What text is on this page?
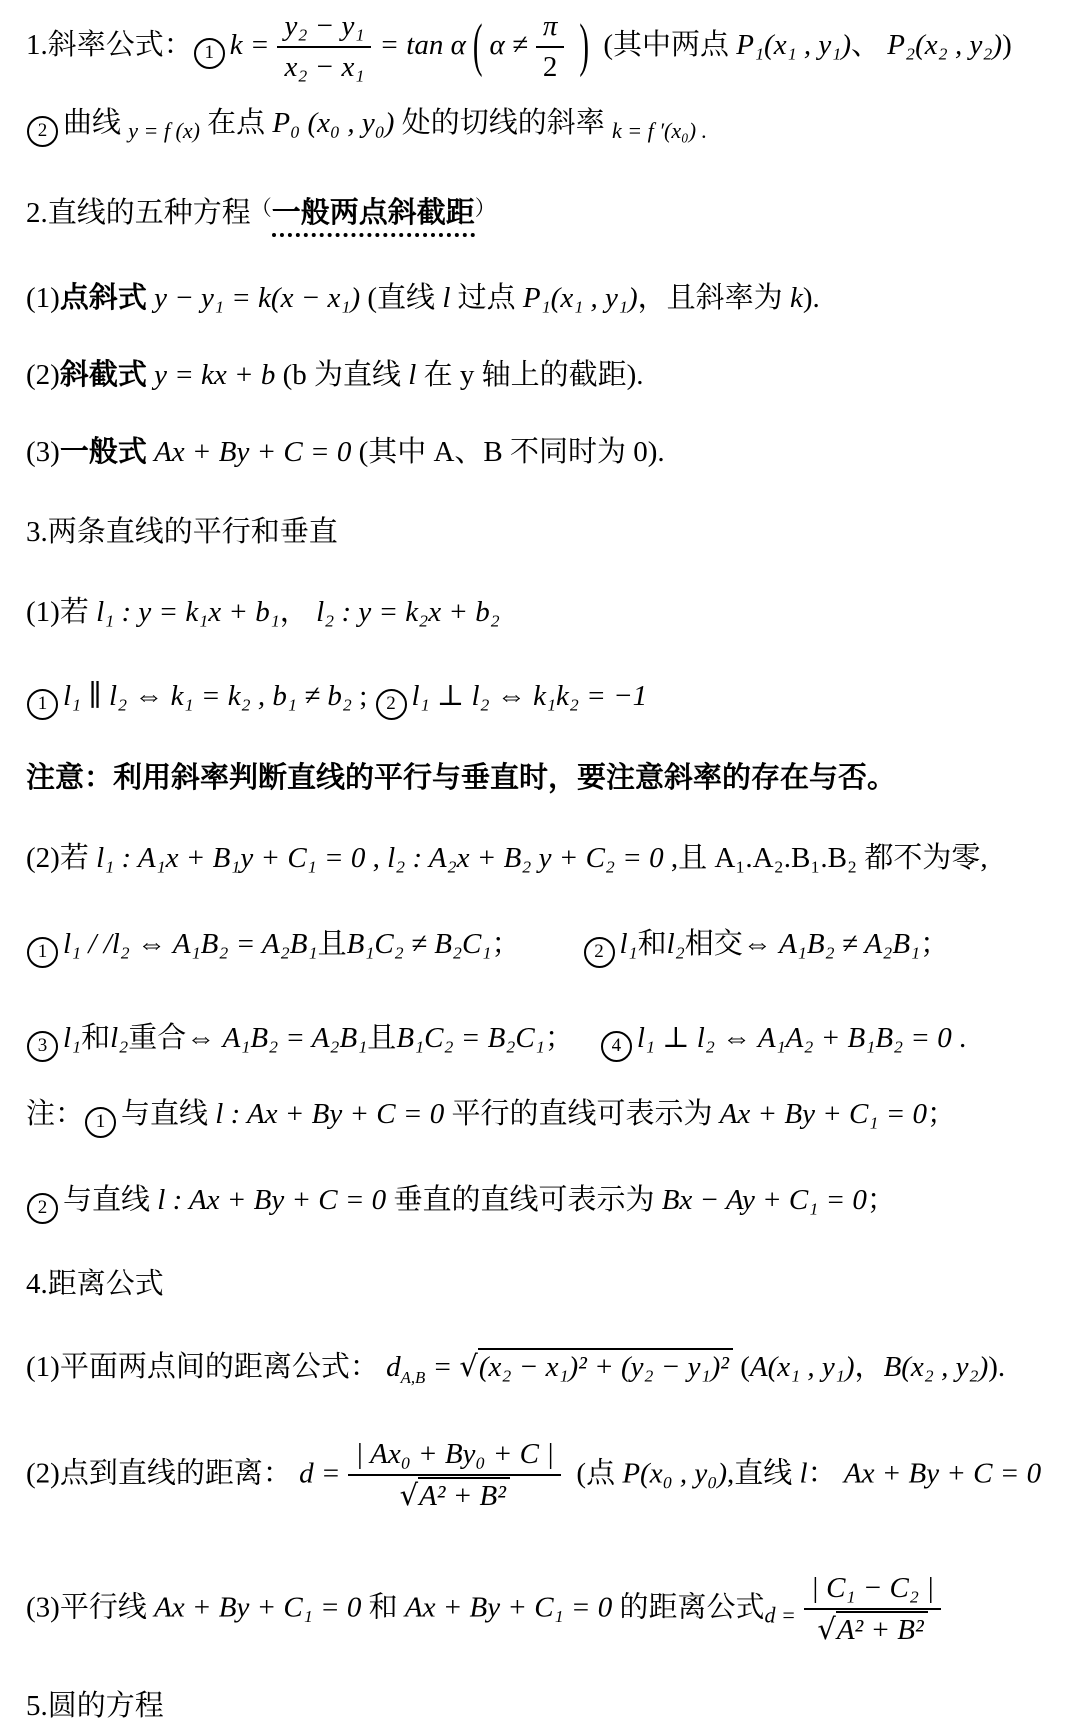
1.斜率公式： 1 $k = \frac{\text{y₂ − y₁}}{\text{x₂ − x₁}} = \tan \alpha$ ( $\alpha \ne \frac{\pi}{2}$ ) (其中两点 P₁(x₁ , y₁)、 P₂(x₂ , y₂))
2 曲线 $_{y = f (x)}$ 在点 P₀ (x₀ , y₀) 处的切线的斜率 $_{k = f '(x_0) .}$
2.直线的五种方程（一般两点斜截距）
(1)点斜式 y − y₁ = k(x − x₁) (直线 l 过点 P₁(x₁ , y₁)，且斜率为 k).
(2)斜截式 y = kx + b (b 为直线 l 在 y 轴上的截距).
(3)一般式 Ax + By + C = 0 (其中 A、B 不同时为 0).
3.两条直线的平行和垂直
(1)若 l₁ : y = k₁x + b₁， l₂ : y = k₂x + b₂
1 l₁ ∥ l₂ ⇔ k₁ = k₂ , b₁ ≠ b₂ ; 2 l₁ ⊥ l₂ ⇔ k₁k₂ = −1
注意：利用斜率判断直线的平行与垂直时，要注意斜率的存在与否。
(2)若 l₁ : A₁x + B₁y + C₁ = 0 , l₂ : A₂x + B₂ y + C₂ = 0 ,且 A₁.A₂.B₁.B₂ 都不为零,
1 l₁ / /l₂ ⇔ A₁B₂ = A₂B₁且B₁C₂ ≠ B₂C₁；	2 l₁和l₂相交⇔ A₁B₂ ≠ A₂B₁；
3 l₁和l₂重合⇔ A₁B₂ = A₂B₁且B₁C₂ = B₂C₁； 4 l₁ ⊥ l₂ ⇔ A₁A₂ + B₁B₂ = 0 .
注： 1 与直线 l : Ax + By + C = 0 平行的直线可表示为 Ax + By + C₁ = 0；
2 与直线 l : Ax + By + C = 0 垂直的直线可表示为 Bx − Ay + C₁ = 0；
4.距离公式
(1)平面两点间的距离公式： $d_{A,B} = √(x_2 - x_1)^2 + (y_2 - y_1)^2$ (A(x₁ , y₁)，B(x₂ , y₂)).
(2)点到直线的距离： $d = \frac{\text{| Ax₀ + By₀ + C |}}{\text{√A² + B²}}$ (点 P(x₀ , y₀),直线 l： Ax + By + C = 0
(3)平行线 Ax + By + C₁ = 0 和 Ax + By + C₁ = 0 的距离公式$_{d =} \frac{\text{| C₁ − C₂ |}}{\text{√A² + B²}}$
5.圆的方程
